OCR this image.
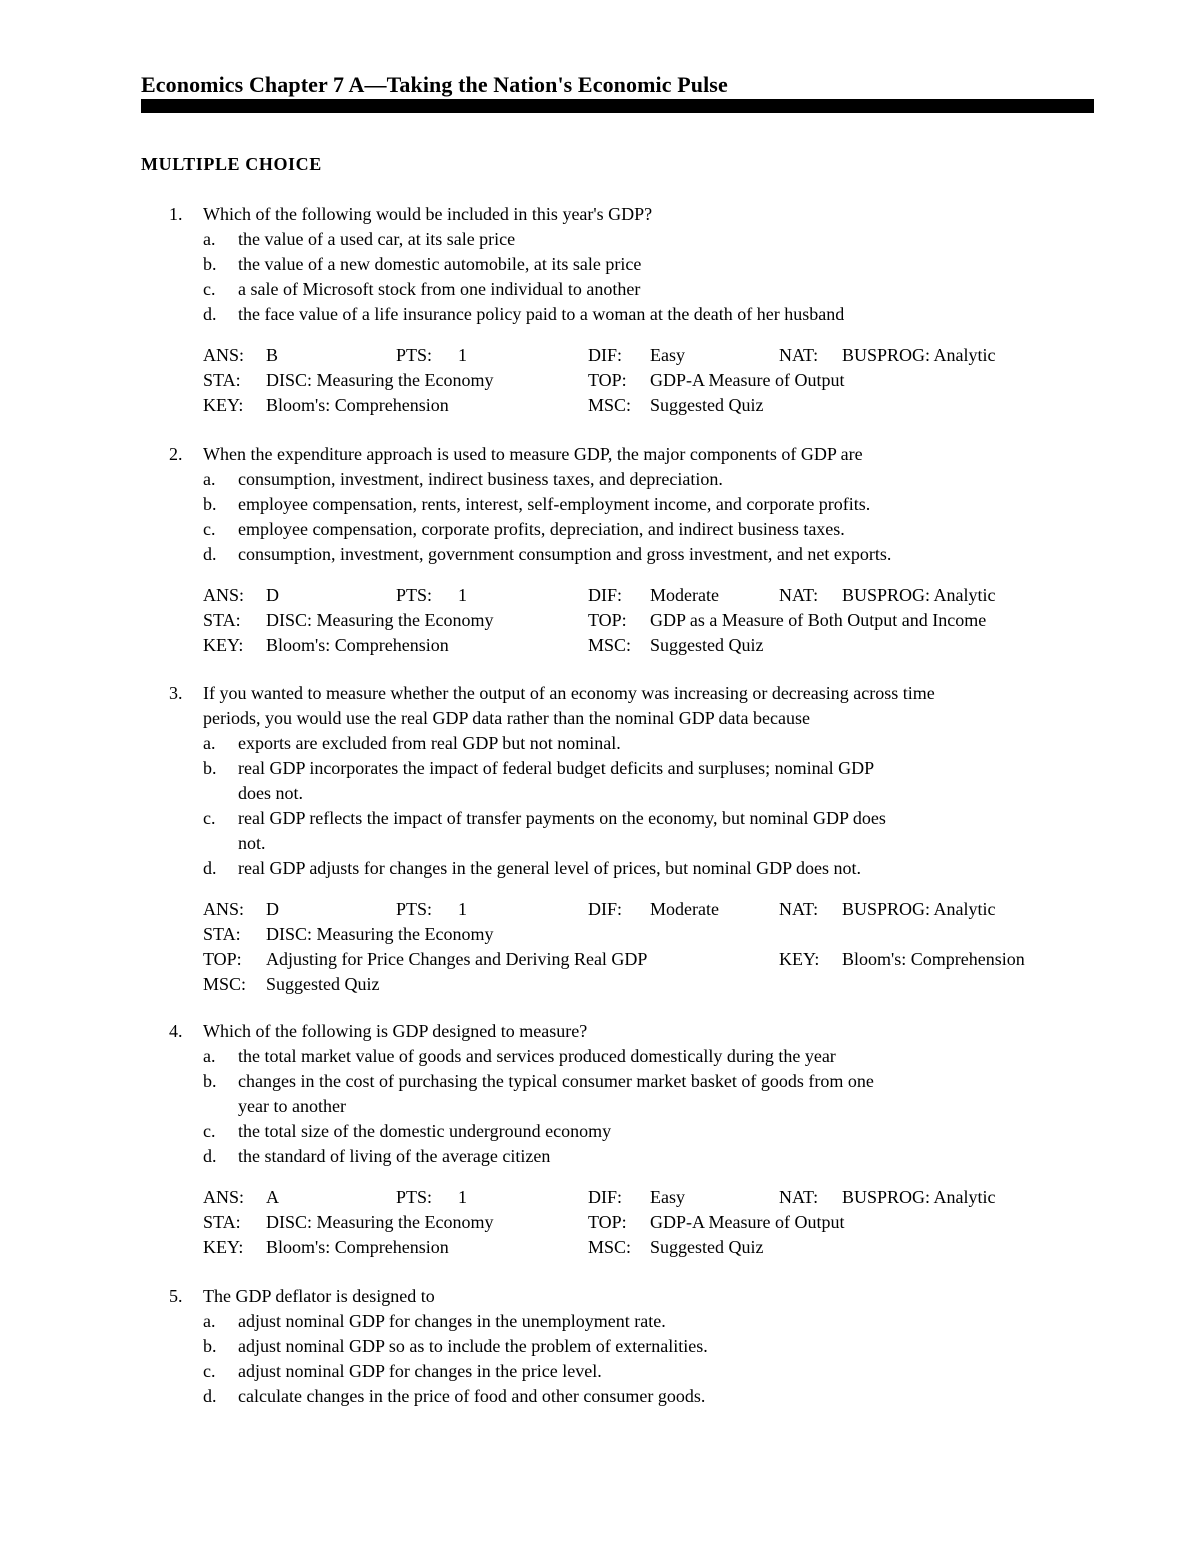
Economics Chapter 7 A—Taking the Nation's Economic Pulse
MULTIPLE CHOICE
1. Which of the following would be included in this year's GDP?
a. the value of a used car, at its sale price
b. the value of a new domestic automobile, at its sale price
c. a sale of Microsoft stock from one individual to another
d. the face value of a life insurance policy paid to a woman at the death of her husband
ANS: B	PTS: 1	DIF: Easy	NAT: BUSPROG: Analytic
STA: DISC: Measuring the Economy	TOP: GDP-A Measure of Output
KEY: Bloom's: Comprehension	MSC: Suggested Quiz
2. When the expenditure approach is used to measure GDP, the major components of GDP are
a. consumption, investment, indirect business taxes, and depreciation.
b. employee compensation, rents, interest, self-employment income, and corporate profits.
c. employee compensation, corporate profits, depreciation, and indirect business taxes.
d. consumption, investment, government consumption and gross investment, and net exports.
ANS: D	PTS: 1	DIF: Moderate	NAT: BUSPROG: Analytic
STA: DISC: Measuring the Economy	TOP: GDP as a Measure of Both Output and Income
KEY: Bloom's: Comprehension	MSC: Suggested Quiz
3. If you wanted to measure whether the output of an economy was increasing or decreasing across time
periods, you would use the real GDP data rather than the nominal GDP data because
a. exports are excluded from real GDP but not nominal.
b. real GDP incorporates the impact of federal budget deficits and surpluses; nominal GDP
does not.
c. real GDP reflects the impact of transfer payments on the economy, but nominal GDP does
not.
d. real GDP adjusts for changes in the general level of prices, but nominal GDP does not.
ANS: D	PTS: 1	DIF: Moderate	NAT: BUSPROG: Analytic
STA: DISC: Measuring the Economy
TOP: Adjusting for Price Changes and Deriving Real GDP	KEY: Bloom's: Comprehension
MSC: Suggested Quiz
4. Which of the following is GDP designed to measure?
a. the total market value of goods and services produced domestically during the year
b. changes in the cost of purchasing the typical consumer market basket of goods from one
year to another
c. the total size of the domestic underground economy
d. the standard of living of the average citizen
ANS: A	PTS: 1	DIF: Easy	NAT: BUSPROG: Analytic
STA: DISC: Measuring the Economy	TOP: GDP-A Measure of Output
KEY: Bloom's: Comprehension	MSC: Suggested Quiz
5. The GDP deflator is designed to
a. adjust nominal GDP for changes in the unemployment rate.
b. adjust nominal GDP so as to include the problem of externalities.
c. adjust nominal GDP for changes in the price level.
d. calculate changes in the price of food and other consumer goods.
